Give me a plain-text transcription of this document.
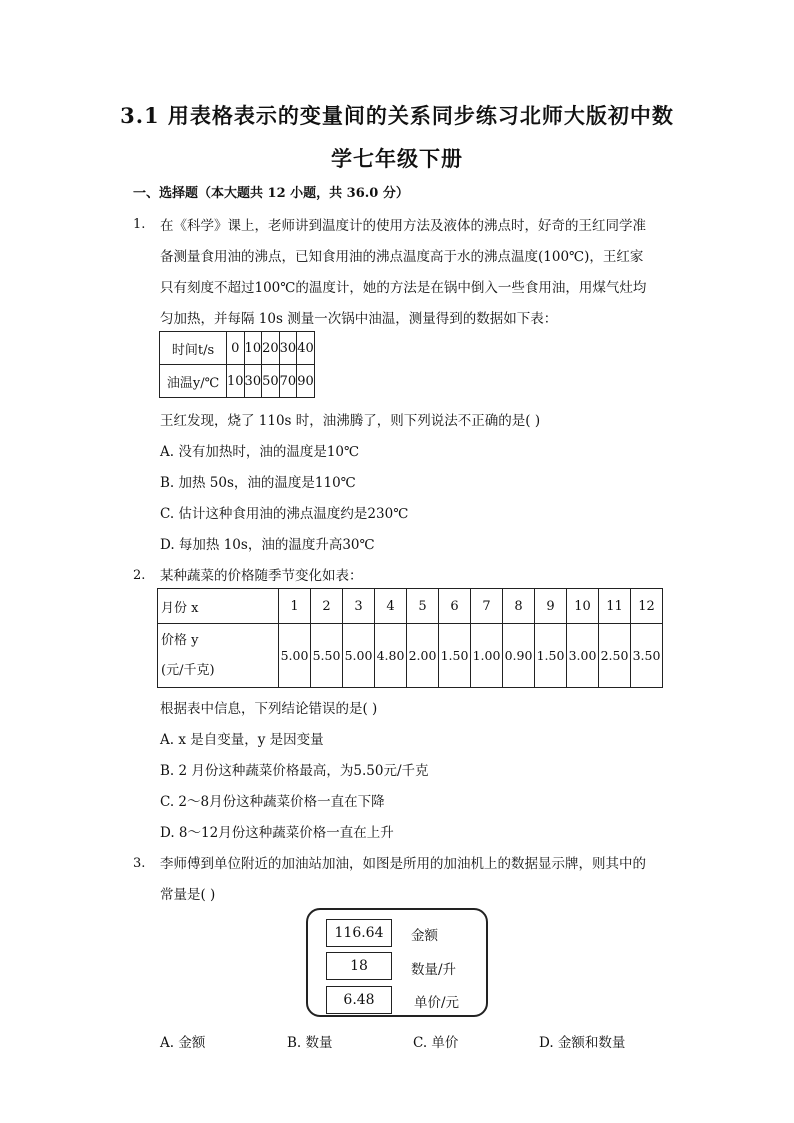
3.1 用表格表示的变量间的关系同步练习北师大版初中数
学七年级下册
一、选择题（本大题共 12 小题，共 36.0 分）
1. 在《科学》课上，老师讲到温度计的使用方法及液体的沸点时，好奇的王红同学准
备测量食用油的沸点，已知食用油的沸点温度高于水的沸点温度(100℃)，王红家
只有刻度不超过100℃的温度计，她的方法是在锅中倒入一些食用油，用煤气灶均
匀加热，并每隔 10s 测量一次锅中油温，测量得到的数据如下表：
时间t/s	0	10	20	30	40
油温y/℃	10	30	50	70	90
王红发现，烧了 110s 时，油沸腾了，则下列说法不正确的是( )
A. 没有加热时，油的温度是10℃
B. 加热 50s，油的温度是110℃
C. 估计这种食用油的沸点温度约是230℃
D. 每加热 10s，油的温度升高30℃
2. 某种蔬菜的价格随季节变化如表：
月份 x	1	2	3	4	5	6	7	8	9	10	11	12

价格 y
(元/千克)	5.00	5.50	5.00	4.80	2.00	1.50	1.00	0.90	1.50	3.00	2.50	3.50
根据表中信息，下列结论错误的是( )
A. x 是自变量，y 是因变量
B. 2 月份这种蔬菜价格最高，为5.50元/千克
C. 2～8月份这种蔬菜价格一直在下降
D. 8～12月份这种蔬菜价格一直在上升
3. 李师傅到单位附近的加油站加油，如图是所用的加油机上的数据显示牌，则其中的
常量是( )
116.64	金额
18	数量/升
6.48	单价/元
A. 金额	B. 数量	C. 单价	D. 金额和数量
